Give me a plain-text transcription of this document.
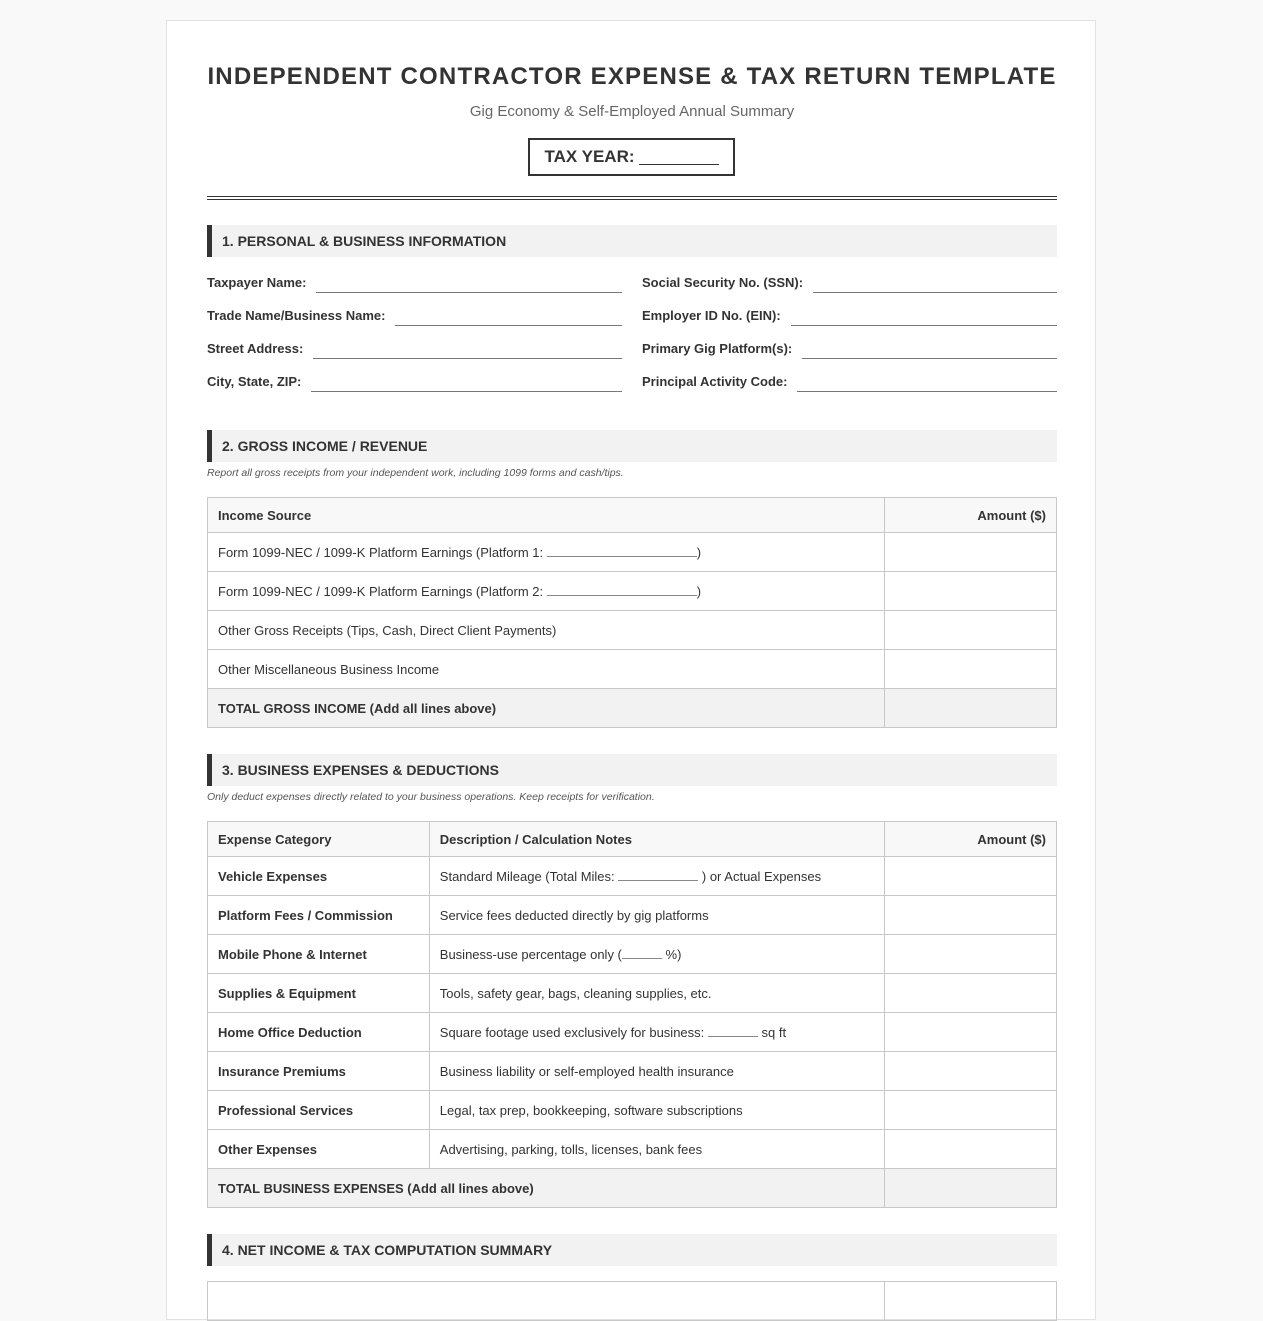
INDEPENDENT CONTRACTOR EXPENSE & TAX RETURN TEMPLATE
Gig Economy & Self-Employed Annual Summary
TAX YEAR:
1. PERSONAL & BUSINESS INFORMATION
Taxpayer Name:
Trade Name/Business Name:
Street Address:
City, State, ZIP:
Social Security No. (SSN):
Employer ID No. (EIN):
Primary Gig Platform(s):
Principal Activity Code:
2. GROSS INCOME / REVENUE
Report all gross receipts from your independent work, including 1099 forms and cash/tips.
Income Source	Amount ($)
Form 1099-NEC / 1099-K Platform Earnings (Platform 1: )	
Form 1099-NEC / 1099-K Platform Earnings (Platform 2: )	
Other Gross Receipts (Tips, Cash, Direct Client Payments)	
Other Miscellaneous Business Income	
TOTAL GROSS INCOME (Add all lines above)	
3. BUSINESS EXPENSES & DEDUCTIONS
Only deduct expenses directly related to your business operations. Keep receipts for verification.
Expense Category	Description / Calculation Notes	Amount ($)
Vehicle Expenses	Standard Mileage (Total Miles: ) or Actual Expenses	
Platform Fees / Commission	Service fees deducted directly by gig platforms	
Mobile Phone & Internet	Business-use percentage only ( %)	
Supplies & Equipment	Tools, safety gear, bags, cleaning supplies, etc.	
Home Office Deduction	Square footage used exclusively for business: sq ft	
Insurance Premiums	Business liability or self-employed health insurance	
Professional Services	Legal, tax prep, bookkeeping, software subscriptions	
Other Expenses	Advertising, parking, tolls, licenses, bank fees	
TOTAL BUSINESS EXPENSES (Add all lines above)		
4. NET INCOME & TAX COMPUTATION SUMMARY
